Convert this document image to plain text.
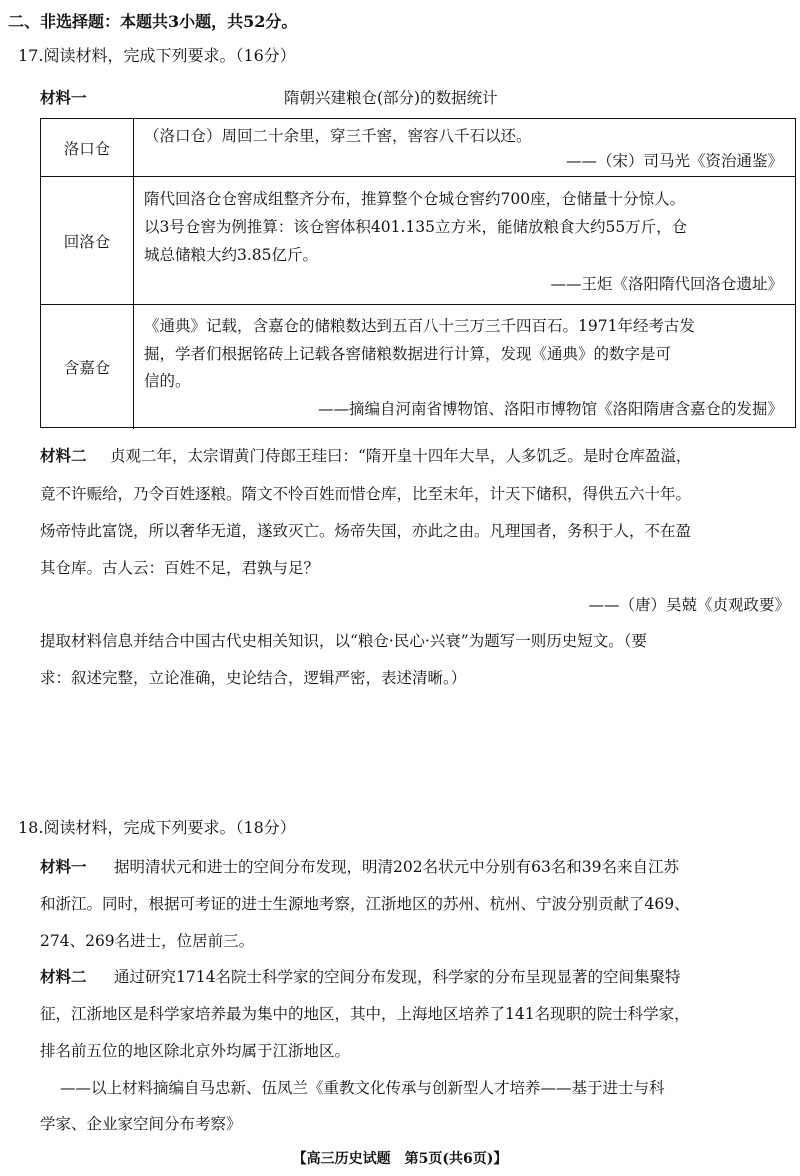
二、非选择题：本题共3小题，共52分。
17.阅读材料，完成下列要求。（16分）
材料一	隋朝兴建粮仓(部分)的数据统计
洛口仓
（洛口仓）周回二十余里，穿三千窖，窖容八千石以还。
——（宋）司马光《资治通鉴》
回洛仓
隋代回洛仓仓窖成组整齐分布，推算整个仓城仓窖约700座，仓储量十分惊人。
以3号仓窖为例推算：该仓窖体积401.135立方米，能储放粮食大约55万斤，仓
城总储粮大约3.85亿斤。
——王炬《洛阳隋代回洛仓遗址》
含嘉仓
《通典》记载，含嘉仓的储粮数达到五百八十三万三千四百石。1971年经考古发
掘，学者们根据铭砖上记载各窖储粮数据进行计算，发现《通典》的数字是可
信的。
——摘编自河南省博物馆、洛阳市博物馆《洛阳隋唐含嘉仓的发掘》
材料二 贞观二年，太宗谓黄门侍郎王珪曰：“隋开皇十四年大旱，人多饥乏。是时仓库盈溢，
竟不许赈给，乃令百姓逐粮。隋文不怜百姓而惜仓库，比至末年，计天下储积，得供五六十年。
炀帝恃此富饶，所以奢华无道，遂致灭亡。炀帝失国，亦此之由。凡理国者，务积于人，不在盈
其仓库。古人云：百姓不足，君孰与足？
——（唐）吴兢《贞观政要》
提取材料信息并结合中国古代史相关知识，以“粮仓·民心·兴衰”为题写一则历史短文。（要
求：叙述完整，立论准确，史论结合，逻辑严密，表述清晰。）
18.阅读材料，完成下列要求。（18分）
材料一 据明清状元和进士的空间分布发现，明清202名状元中分别有63名和39名来自江苏
和浙江。同时，根据可考证的进士生源地考察，江浙地区的苏州、杭州、宁波分别贡献了469、
274、269名进士，位居前三。
材料二 通过研究1714名院士科学家的空间分布发现，科学家的分布呈现显著的空间集聚特
征，江浙地区是科学家培养最为集中的地区，其中，上海地区培养了141名现职的院士科学家，
排名前五位的地区除北京外均属于江浙地区。
——以上材料摘编自马忠新、伍凤兰《重教文化传承与创新型人才培养——基于进士与科
学家、企业家空间分布考察》
【高三历史试题　第5页(共6页)】
